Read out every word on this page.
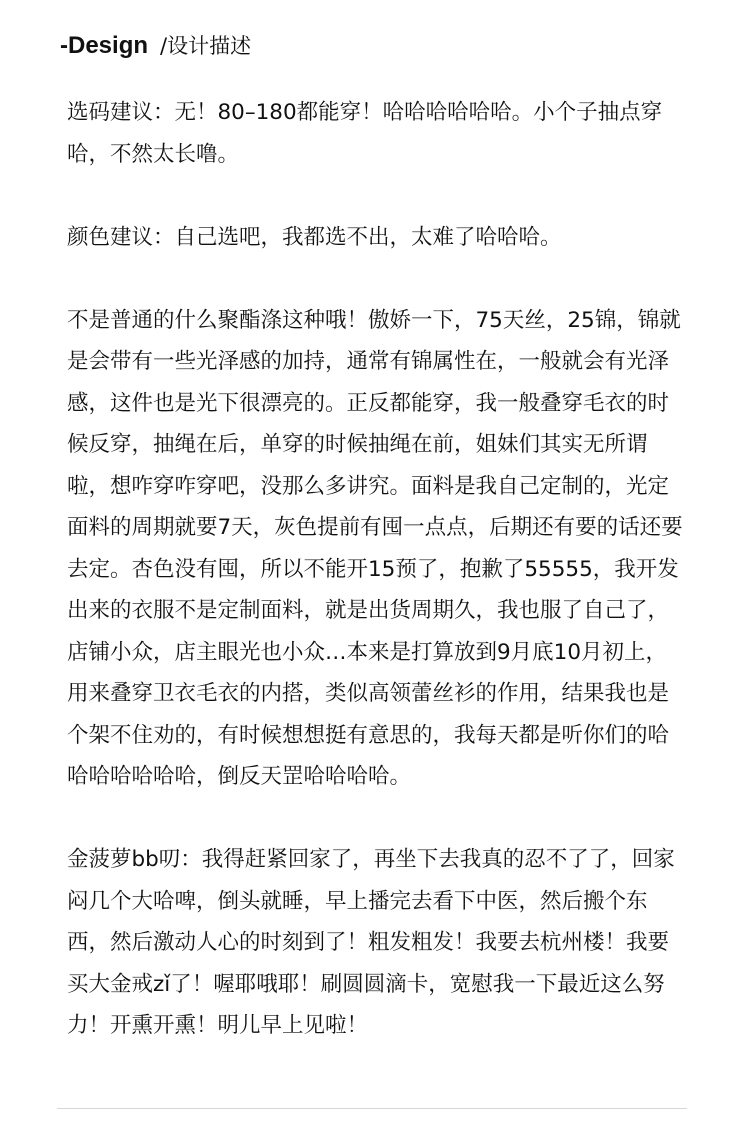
-Design /设计描述

选码建议：无！80–180都能穿！哈哈哈哈哈哈。小个子抽点穿哈，不然太长噜。

颜色建议：自己选吧，我都选不出，太难了哈哈哈。

不是普通的什么聚酯涤这种哦！傲娇一下，75天丝，25锦，锦就是会带有一些光泽感的加持，通常有锦属性在，一般就会有光泽感，这件也是光下很漂亮的。正反都能穿，我一般叠穿毛衣的时候反穿，抽绳在后，单穿的时候抽绳在前，姐妹们其实无所谓啦，想咋穿咋穿吧，没那么多讲究。面料是我自己定制的，光定面料的周期就要7天，灰色提前有囤一点点，后期还有要的话还要去定。杏色没有囤，所以不能开15预了，抱歉了55555，我开发出来的衣服不是定制面料，就是出货周期久，我也服了自己了，店铺小众，店主眼光也小众…本来是打算放到9月底10月初上，用来叠穿卫衣毛衣的内搭，类似高领蕾丝衫的作用，结果我也是个架不住劝的，有时候想想挺有意思的，我每天都是听你们的哈哈哈哈哈哈哈，倒反天罡哈哈哈哈。

金菠萝bb叨：我得赶紧回家了，再坐下去我真的忍不了了，回家闷几个大哈啤，倒头就睡，早上播完去看下中医，然后搬个东西，然后激动人心的时刻到了！粗发粗发！我要去杭州楼！我要买大金戒zǐ了！喔耶哦耶！刷圆圆滴卡，宽慰我一下最近这么努力！开熏开熏！明儿早上见啦！
